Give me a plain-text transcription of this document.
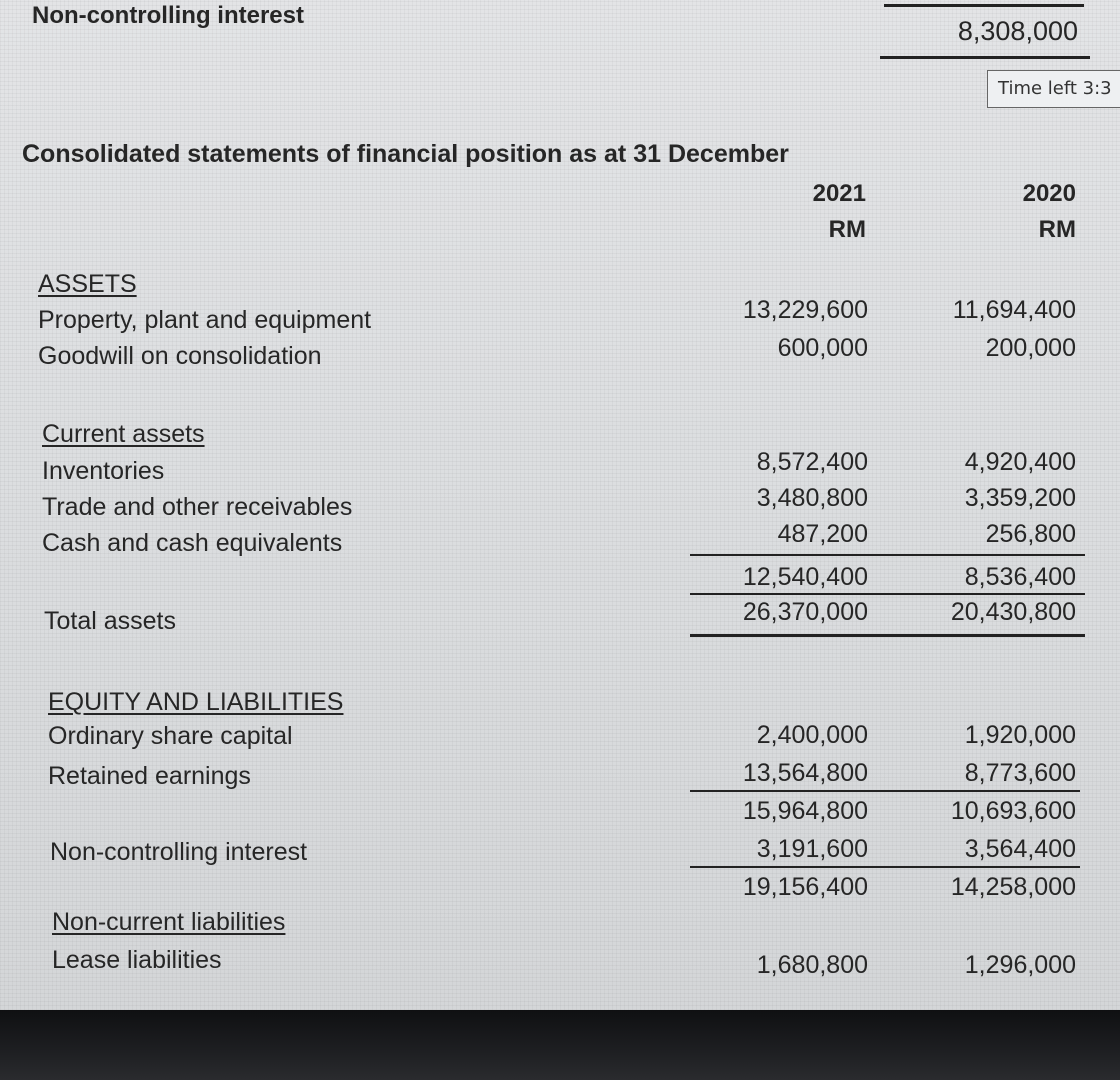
Non-controlling interest
8,308,000
Time left 3:3
Consolidated statements of financial position as at 31 December
2021
RM
2020
RM
ASSETS
Property, plant and equipment	13,229,600	11,694,400
Goodwill on consolidation	600,000	200,000
Current assets
Inventories	8,572,400	4,920,400
Trade and other receivables	3,480,800	3,359,200
Cash and cash equivalents	487,200	256,800
12,540,400	8,536,400
Total assets	26,370,000	20,430,800
EQUITY AND LIABILITIES
Ordinary share capital	2,400,000	1,920,000
Retained earnings	13,564,800	8,773,600
15,964,800	10,693,600
Non-controlling interest	3,191,600	3,564,400
19,156,400	14,258,000
Non-current liabilities
Lease liabilities	1,680,800	1,296,000
